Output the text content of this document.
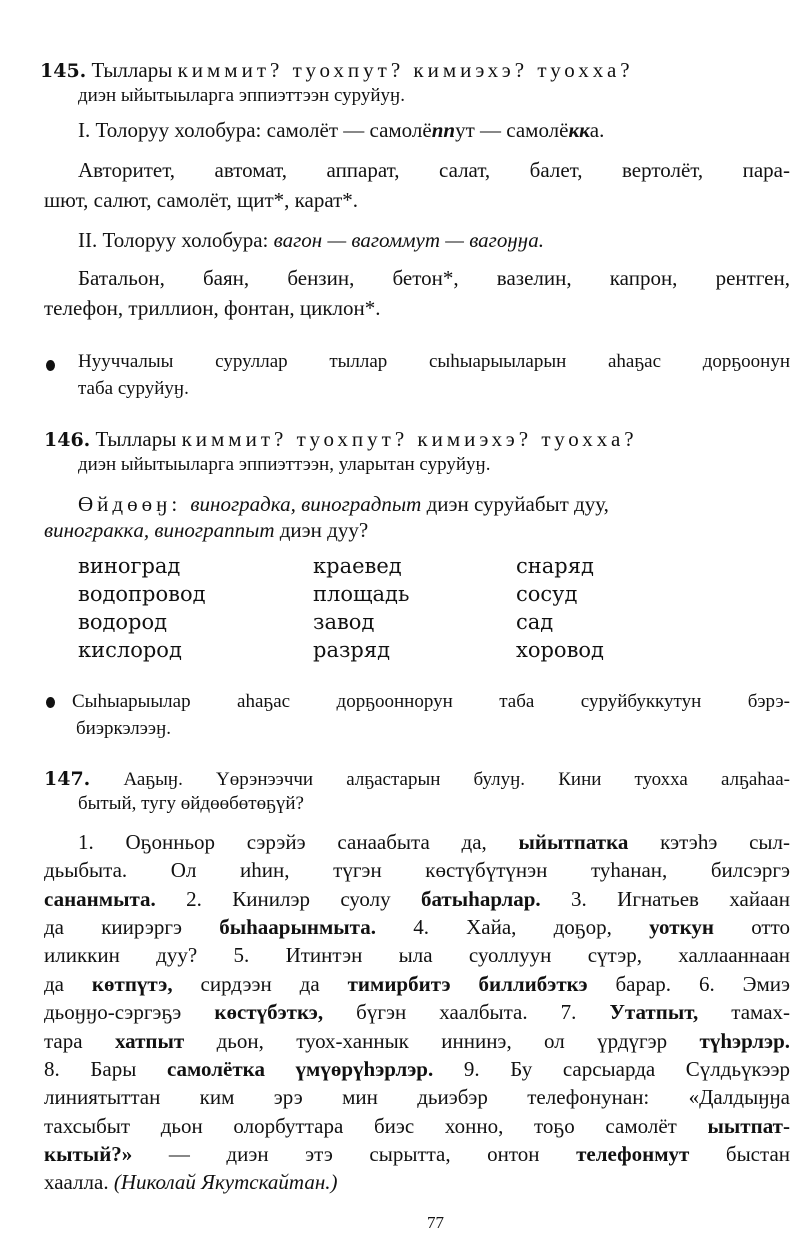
145. Тыллары киммит? туохпут? кимиэхэ? туохха?
диэн ыйытыыларга эппиэттээн суруйуӈ.
I. Толоруу холобура: самолёт — самолёппут — самолёкка.
Авторитет, автомат, аппарат, салат, балет, вертолёт, пара-
шют, салют, самолёт, щит*, карат*.
II. Толоруу холобура: вагон — вагоммут — вагоӈӈа.
Батальон, баян, бензин, бетон*, вазелин, капрон, рентген,
телефон, триллион, фонтан, циклон*.
Нууччалыы суруллар тыллар сыһыарыыларын аһаҕас дорҕоонун
таба суруйуӈ.
146. Тыллары киммит? туохпут? кимиэхэ? туохха?
диэн ыйытыыларга эппиэттээн, уларытан суруйуӈ.
Өйдөөӈ: виноградка, виноградпыт диэн суруйабыт дуу,
винограккa, винограппыт диэн дуу?
виноград
водопровод
водород
кислород
краевед
площадь
завод
разряд
снаряд
сосуд
сад
хоровод
Сыһыарыылар аһаҕас дорҕооннорун таба суруйбуккутун бэрэ-
биэркэлээӈ.
147. Ааҕыӈ. Үөрэнээччи алҕастарын булуӈ. Кини туохха алҕаһаа-
бытый, тугу өйдөөбөтөҕүй?
1. Оҕонньор сэрэйэ санаабыта да, ыйытпатка кэтэһэ сыл-
дьыбыта. Ол иһин, түгэн көстүбүтүнэн туһанан, билсэргэ
сананмыта. 2. Кинилэр суолу батыһарлар. 3. Игнатьев хайаан
да киирэргэ быһаарынмыта. 4. Хайа, доҕор, уоткун отто
иликкин дуу? 5. Итинтэн ыла суоллуун сүтэр, халлааннаан
да көтпүтэ, сирдээн да тимирбитэ биллибэткэ барар. 6. Эмиэ
дьоӈӈо-сэргэҕэ көстүбэткэ, бүгэн хаалбыта. 7. Утатпыт, тамах-
тара хатпыт дьон, туох-ханнык иннинэ, ол үрдүгэр түһэрлэр.
8. Бары самолётка үмүөрүһэрлэр. 9. Бу сарсыарда Сүлдьүкээр
линиятыттан ким эрэ мин дьиэбэр телефонунан: «Далдыӈӈа
тахсыбыт дьон олорбуттара биэс хонно, тоҕо самолёт ыытпат-
кытый?» — диэн этэ сырытта, онтон телефонмут быстан
хаалла. (Николай Якутскайтан.)
77
